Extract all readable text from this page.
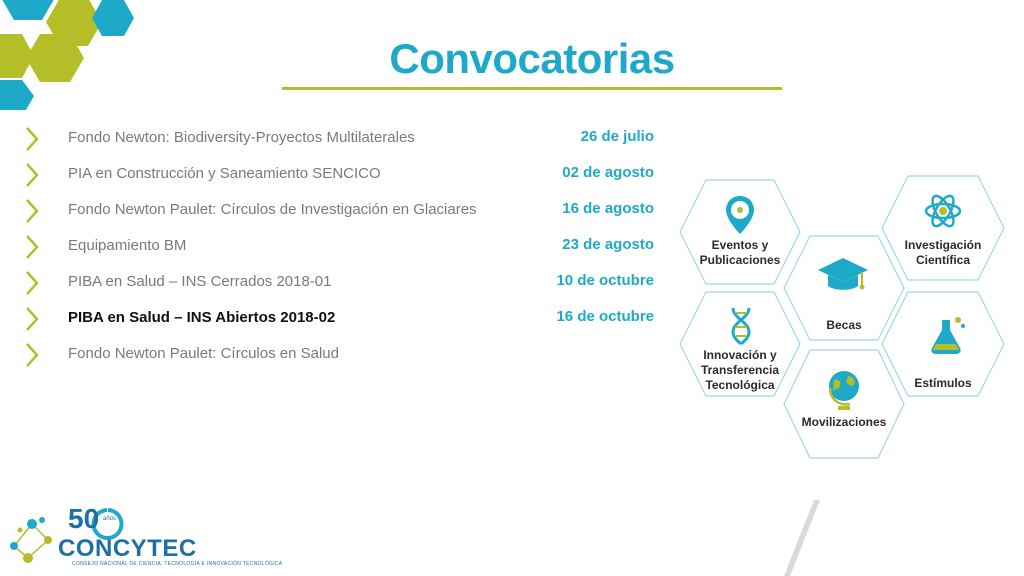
Convocatorias
Fondo Newton: Biodiversity-Proyectos Multilaterales	26 de julio
PIA en Construcción y Saneamiento SENCICO	02 de agosto
Fondo Newton Paulet: Círculos de Investigación en Glaciares	16 de agosto
Equipamiento BM	23 de agosto
PIBA en Salud – INS Cerrados 2018-01	10 de octubre
PIBA en Salud – INS Abiertos 2018-02	16 de octubre
Fondo Newton Paulet: Círculos en Salud
Eventos y
Publicaciones
Investigación
Científica
Becas
Innovación y
Transferencia
Tecnológica	Estímulos
Movilizaciones
50 años
CONCYTEC
CONSEJO NACIONAL DE CIENCIA, TECNOLOGÍA E INNOVACIÓN TECNOLÓGICA
